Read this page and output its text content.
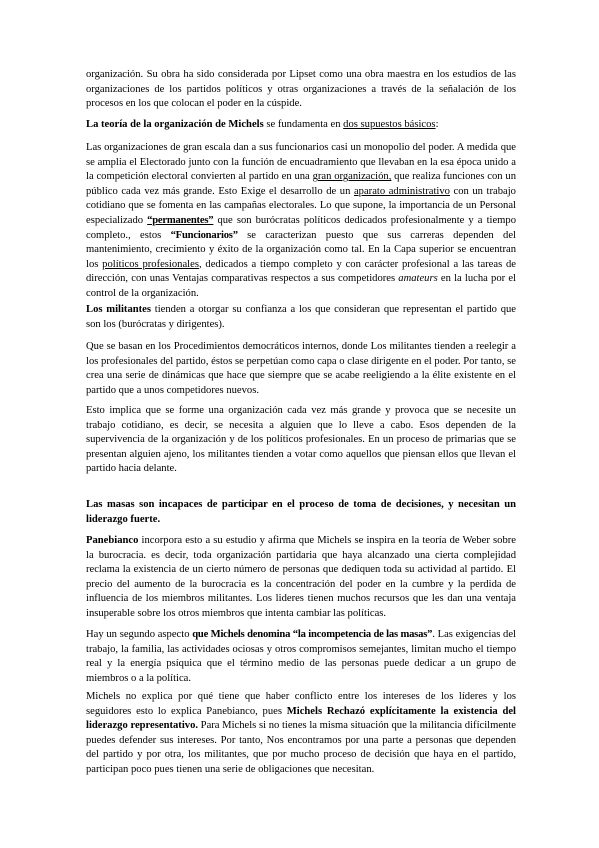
organización. Su obra ha sido considerada por Lipset como una obra maestra en los estudios de las organizaciones de los partidos políticos y otras organizaciones a través de la señalación de los procesos en los que colocan el poder en la cúspide.

La teoría de la organización de Michels se fundamenta en dos supuestos básicos:

Las organizaciones de gran escala dan a sus funcionarios casi un monopolio del poder. A medida que se amplia el Electorado junto con la función de encuadramiento que llevaban en la esa época unido a la competición electoral convierten al partido en una gran organización, que realiza funciones con un público cada vez más grande. Esto Exige el desarrollo de un aparato administrativo con un trabajo cotidiano que se fomenta en las campañas electorales. Lo que supone, la importancia de un Personal especializado “permanentes” que son burócratas políticos dedicados profesionalmente y a tiempo completo., estos “Funcionarios” se caracterizan puesto que sus carreras dependen del mantenimiento, crecimiento y éxito de la organización como tal. En la Capa superior se encuentran los políticos profesionales, dedicados a tiempo completo y con carácter profesional a las tareas de dirección, con unas Ventajas comparativas respectos a sus competidores amateurs en la lucha por el control de la organización.

Los militantes tienden a otorgar su confianza a los que consideran que representan el partido que son los (burócratas y dirigentes).

Que se basan en los Procedimientos democráticos internos, donde Los militantes tienden a reelegir a los profesionales del partido, éstos se perpetúan como capa o clase dirigente en el poder. Por tanto, se crea una serie de dinámicas que hace que siempre que se acabe reeligiendo a la élite existente en el partido que a unos competidores nuevos.

Esto implica que se forme una organización cada vez más grande y provoca que se necesite un trabajo cotidiano, es decir, se necesita a alguien que lo lleve a cabo. Esos dependen de la supervivencia de la organización y de los políticos profesionales. En un proceso de primarias que se presentan alguien ajeno, los militantes tienden a votar como aquellos que piensan ellos que llevan el partido hacia delante.

Las masas son incapaces de participar en el proceso de toma de decisiones, y necesitan un liderazgo fuerte.

Panebianco incorpora esto a su estudio y afirma que Michels se inspira en la teoría de Weber sobre la burocracia. es decir, toda organización partidaria que haya alcanzado una cierta complejidad reclama la existencia de un cierto número de personas que dediquen toda su actividad al partido. El precio del aumento de la burocracia es la concentración del poder en la cumbre y la perdida de influencia de los miembros militantes. Los lideres tienen muchos recursos que les dan una ventaja insuperable sobre los otros miembros que intenta cambiar las políticas.

Hay un segundo aspecto que Michels denomina “la incompetencia de las masas”. Las exigencias del trabajo, la familia, las actividades ociosas y otros compromisos semejantes, limitan mucho el tiempo real y la energía psíquica que el término medio de las personas puede dedicar a un grupo de miembros o a la política.

Michels no explica por qué tiene que haber conflicto entre los intereses de los líderes y los seguidores esto lo explica Panebianco, pues Michels Rechazó explícitamente la existencia del liderazgo representativo. Para Michels si no tienes la misma situación que la militancia difícilmente puedes defender sus intereses. Por tanto, Nos encontramos por una parte a personas que dependen del partido y por otra, los militantes, que por mucho proceso de decisión que haya en el partido, participan poco pues tienen una serie de obligaciones que necesitan.
